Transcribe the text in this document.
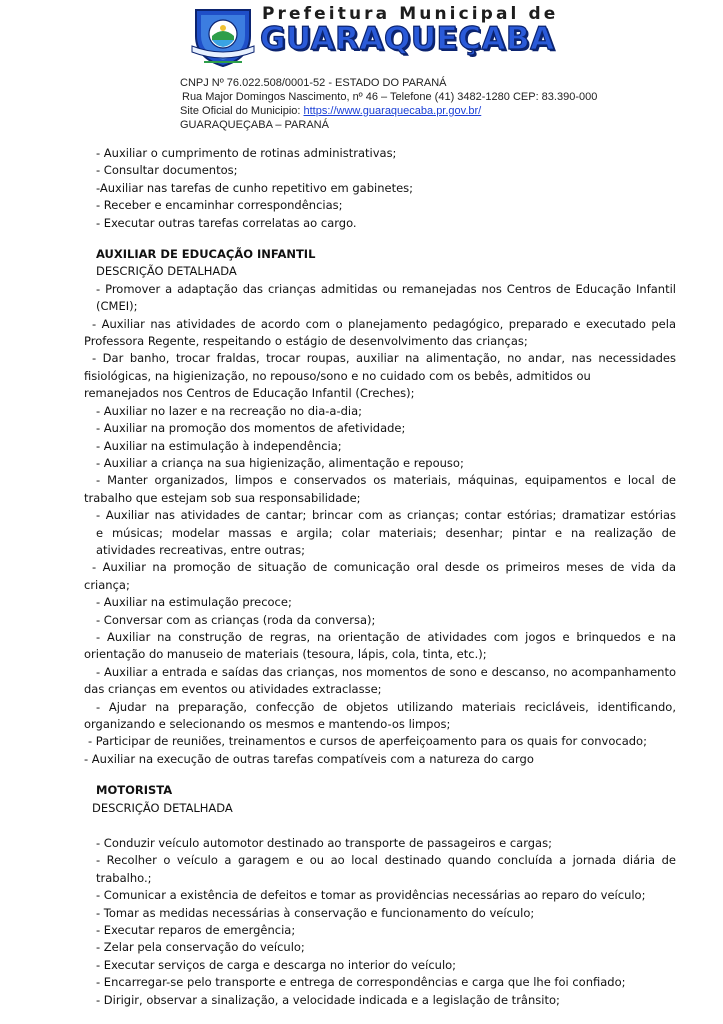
Prefeitura Municipal de
GUARAQUEÇABA
CNPJ Nº 76.022.508/0001-52 - ESTADO DO PARANÁ
Rua Major Domingos Nascimento, nº 46 – Telefone (41) 3482-1280 CEP: 83.390-000
Site Oficial do Municipio: https://www.guaraquecaba.pr.gov.br/
GUARAQUEÇABA – PARANÁ
- Auxiliar o cumprimento de rotinas administrativas;
- Consultar documentos;
-Auxiliar nas tarefas de cunho repetitivo em gabinetes;
- Receber e encaminhar correspondências;
- Executar outras tarefas correlatas ao cargo.
AUXILIAR DE EDUCAÇÃO INFANTIL
DESCRIÇÃO DETALHADA
- Promover a adaptação das crianças admitidas ou remanejadas nos Centros de Educação Infantil
(CMEI);
- Auxiliar nas atividades de acordo com o planejamento pedagógico, preparado e executado pela
Professora Regente, respeitando o estágio de desenvolvimento das crianças;
- Dar banho, trocar fraldas, trocar roupas, auxiliar na alimentação, no andar, nas necessidades
fisiológicas, na higienização, no repouso/sono e no cuidado com os bebês, admitidos ou
remanejados nos Centros de Educação Infantil (Creches);
- Auxiliar no lazer e na recreação no dia-a-dia;
- Auxiliar na promoção dos momentos de afetividade;
- Auxiliar na estimulação à independência;
- Auxiliar a criança na sua higienização, alimentação e repouso;
- Manter organizados, limpos e conservados os materiais, máquinas, equipamentos e local de
trabalho que estejam sob sua responsabilidade;
- Auxiliar nas atividades de cantar; brincar com as crianças; contar estórias; dramatizar estórias
e músicas; modelar massas e argila; colar materiais; desenhar; pintar e na realização de
atividades recreativas, entre outras;
- Auxiliar na promoção de situação de comunicação oral desde os primeiros meses de vida da
criança;
- Auxiliar na estimulação precoce;
- Conversar com as crianças (roda da conversa);
- Auxiliar na construção de regras, na orientação de atividades com jogos e brinquedos e na
orientação do manuseio de materiais (tesoura, lápis, cola, tinta, etc.);
- Auxiliar a entrada e saídas das crianças, nos momentos de sono e descanso, no acompanhamento
das crianças em eventos ou atividades extraclasse;
- Ajudar na preparação, confecção de objetos utilizando materiais recicláveis, identificando,
organizando e selecionando os mesmos e mantendo-os limpos;
- Participar de reuniões, treinamentos e cursos de aperfeiçoamento para os quais for convocado;
- Auxiliar na execução de outras tarefas compatíveis com a natureza do cargo
MOTORISTA
DESCRIÇÃO DETALHADA
- Conduzir veículo automotor destinado ao transporte de passageiros e cargas;
- Recolher o veículo a garagem e ou ao local destinado quando concluída a jornada diária de
trabalho.;
- Comunicar a existência de defeitos e tomar as providências necessárias ao reparo do veículo;
- Tomar as medidas necessárias à conservação e funcionamento do veículo;
- Executar reparos de emergência;
- Zelar pela conservação do veículo;
- Executar serviços de carga e descarga no interior do veículo;
- Encarregar-se pelo transporte e entrega de correspondências e carga que lhe foi confiado;
- Dirigir, observar a sinalização, a velocidade indicada e a legislação de trânsito;
